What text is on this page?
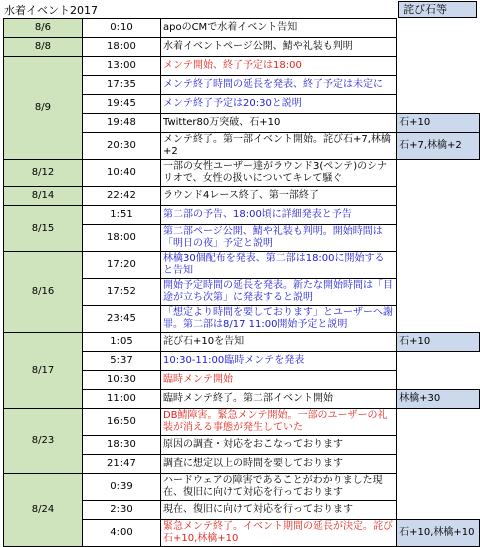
水着イベント2017	詫び石等
8/6	0:10	apoのCMで水着イベント告知	
8/8	18:00	水着イベントページ公開、鯖や礼装も判明	
8/9	13:00	メンテ開始、終了予定は18:00	
	17:35	メンテ終了時間の延長を発表、終了予定は未定に	
	19:45	メンテ終了予定は20:30と説明	
	19:48	Twitter80万突破、石+10	石+10
	20:30	メンテ終了。第一部イベント開始。詫び石+7,林檎+2	石+7,林檎+2
8/12	10:40	一部の女性ユーザー達がラウンド3(ペンテ)のシナリオで、女性の扱いについてキレて騒ぐ	
8/14	22:42	ラウンド4レース終了、第一部終了	
8/15	1:51	第二部の予告、18:00頃に詳細発表と予告	
	18:00	第二部ページ公開、鯖や礼装も判明。開始時間は「明日の夜」予定と説明	
8/16	17:20	林檎30個配布を発表、第二部は18:00に開始すると告知	
	17:52	開始予定時間の延長を発表。新たな開始時間は「目途が立ち次第」に発表すると説明	
	23:45	「想定より時間を要しております」とユーザーへ謝罪。第二部は8/17 11:00開始予定と説明	
8/17	1:05	詫び石+10を告知	石+10
	5:37	10:30-11:00臨時メンテを発表	
	10:30	臨時メンテ開始	
	11:00	臨時メンテ終了。第二部イベント開始	林檎+30
8/23	16:50	DB鯖障害。緊急メンテ開始。一部のユーザーの礼装が消える事態が発生していた	
	18:30	原因の調査・対応をおこなっております	
	21:47	調査に想定以上の時間を要しております	
8/24	0:39	ハードウェアの障害であることがわかりました現在、復旧に向けて対応を行っております	
	2:30	現在、復旧に向けて対応を行っております	
	4:00	緊急メンテ終了。イベント期間の延長が決定。詫び石+10,林檎+10	石+10,林檎+10
